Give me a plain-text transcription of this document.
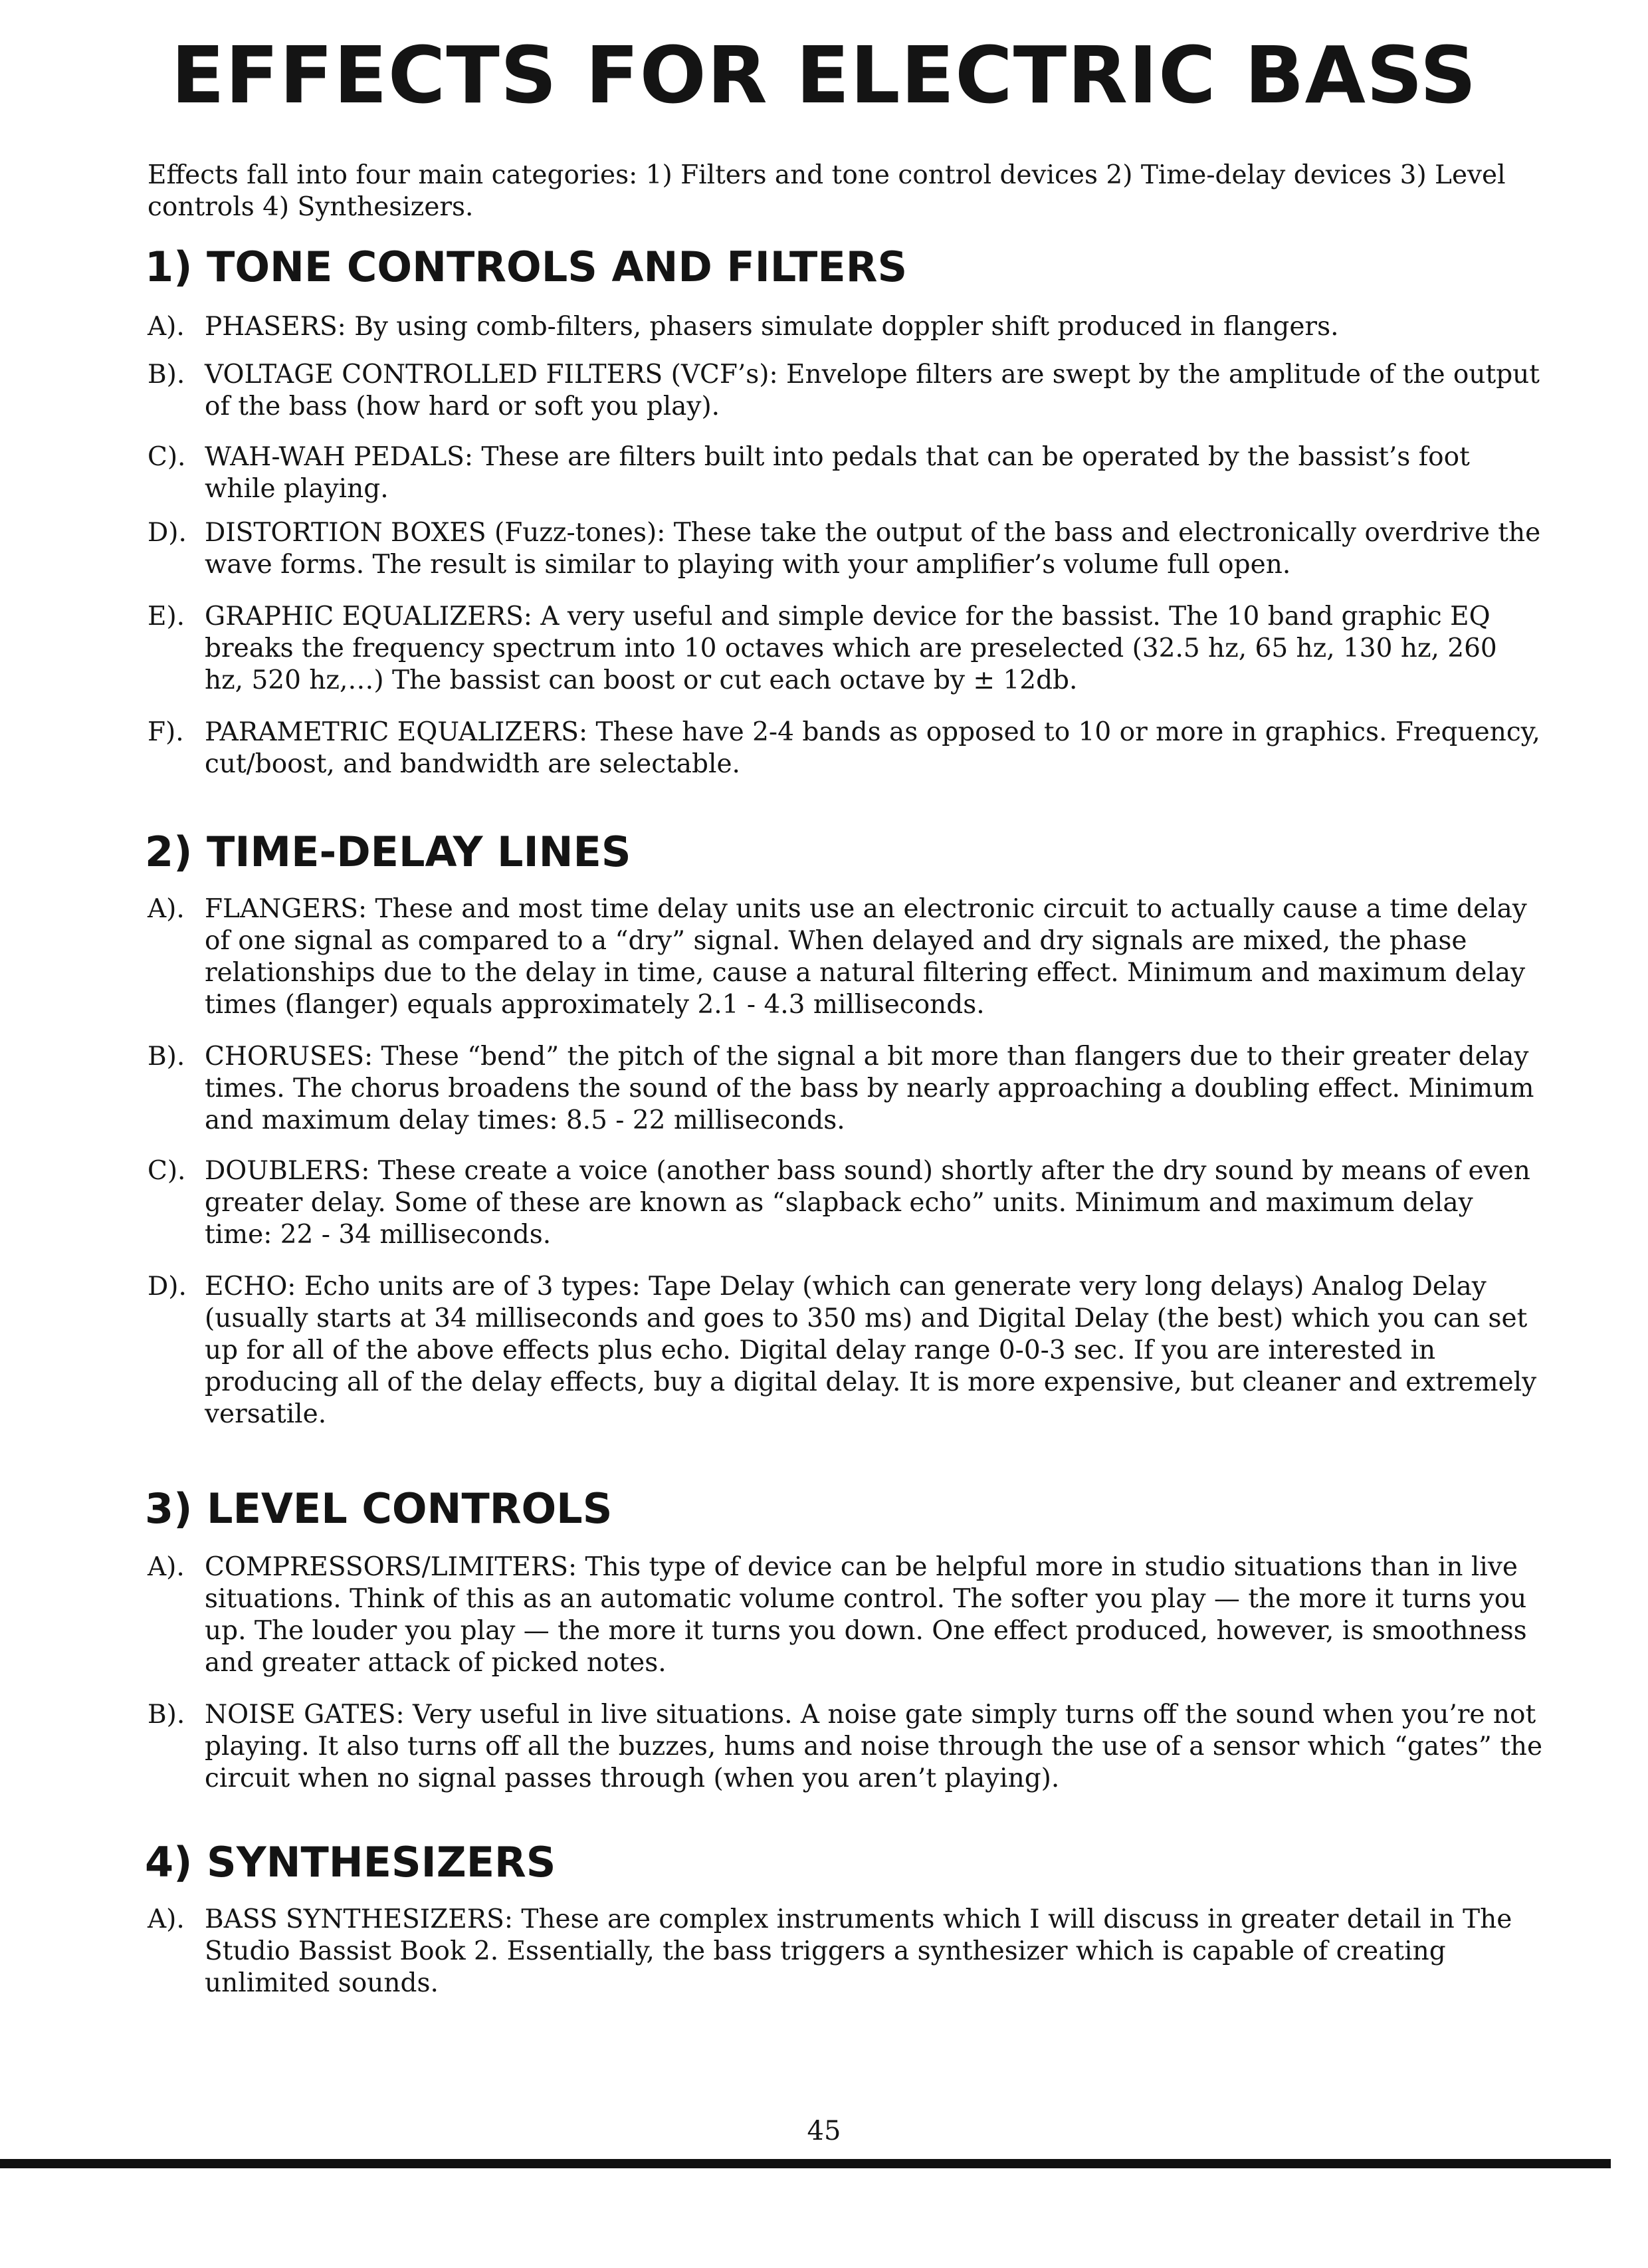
EFFECTS FOR ELECTRIC BASS

Effects fall into four main categories: 1) Filters and tone control devices 2) Time-delay devices 3) Level controls 4) Synthesizers.

1) TONE CONTROLS AND FILTERS
A). PHASERS: By using comb-filters, phasers simulate doppler shift produced in flangers.
B). VOLTAGE CONTROLLED FILTERS (VCF’s): Envelope filters are swept by the amplitude of the output of the bass (how hard or soft you play).
C). WAH-WAH PEDALS: These are filters built into pedals that can be operated by the bassist’s foot while playing.
D). DISTORTION BOXES (Fuzz-tones): These take the output of the bass and electronically overdrive the wave forms. The result is similar to playing with your amplifier’s volume full open.
E). GRAPHIC EQUALIZERS: A very useful and simple device for the bassist. The 10 band graphic EQ breaks the frequency spectrum into 10 octaves which are preselected (32.5 hz, 65 hz, 130 hz, 260 hz, 520 hz,…) The bassist can boost or cut each octave by ± 12db.
F). PARAMETRIC EQUALIZERS: These have 2-4 bands as opposed to 10 or more in graphics. Frequency, cut/boost, and bandwidth are selectable.
2) TIME-DELAY LINES
A). FLANGERS: These and most time delay units use an electronic circuit to actually cause a time delay of one signal as compared to a “dry” signal. When delayed and dry signals are mixed, the phase relationships due to the delay in time, cause a natural filtering effect. Minimum and maximum delay times (flanger) equals approximately 2.1 - 4.3 milliseconds.
B). CHORUSES: These “bend” the pitch of the signal a bit more than flangers due to their greater delay times. The chorus broadens the sound of the bass by nearly approaching a doubling effect. Minimum and maximum delay times: 8.5 - 22 milliseconds.
C). DOUBLERS: These create a voice (another bass sound) shortly after the dry sound by means of even greater delay. Some of these are known as “slapback echo” units. Minimum and maximum delay time: 22 - 34 milliseconds.
D). ECHO: Echo units are of 3 types: Tape Delay (which can generate very long delays) Analog Delay (usually starts at 34 milliseconds and goes to 350 ms) and Digital Delay (the best) which you can set up for all of the above effects plus echo. Digital delay range 0-0-3 sec. If you are interested in producing all of the delay effects, buy a digital delay. It is more expensive, but cleaner and extremely versatile.
3) LEVEL CONTROLS
A). COMPRESSORS/LIMITERS: This type of device can be helpful more in studio situations than in live situations. Think of this as an automatic volume control. The softer you play — the more it turns you up. The louder you play — the more it turns you down. One effect produced, however, is smoothness and greater attack of picked notes.
B). NOISE GATES: Very useful in live situations. A noise gate simply turns off the sound when you’re not playing. It also turns off all the buzzes, hums and noise through the use of a sensor which “gates” the circuit when no signal passes through (when you aren’t playing).
4) SYNTHESIZERS
A). BASS SYNTHESIZERS: These are complex instruments which I will discuss in greater detail in The Studio Bassist Book 2. Essentially, the bass triggers a synthesizer which is capable of creating unlimited sounds.
45
